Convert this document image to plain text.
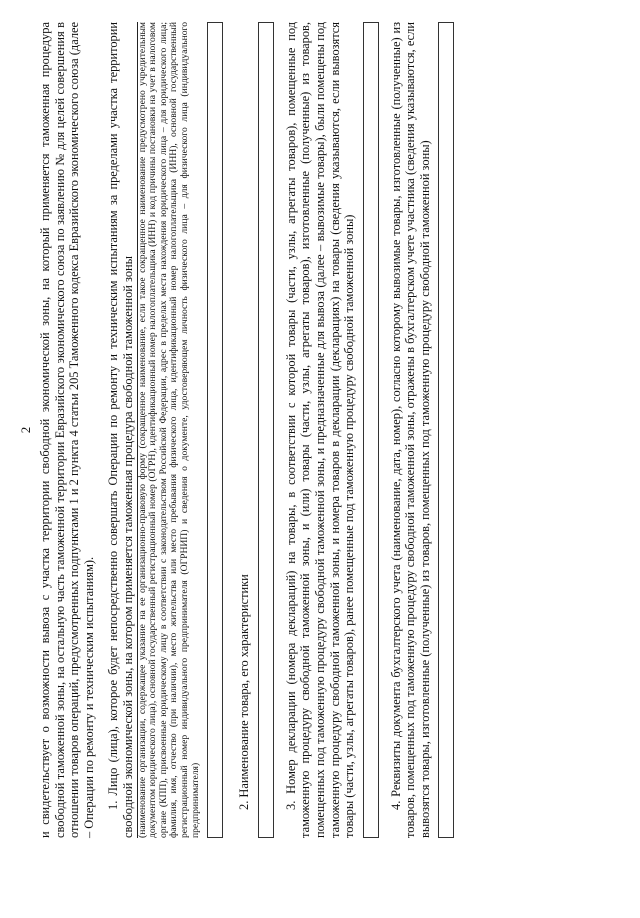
2 и свидетельствует о возможности вывоза с участка территории свободной экономической зоны, на который применяется таможенная процедура свободной таможенной зоны, на остальную часть таможенной территории Евразийского экономического союза по заявлению № для целей совершения в отношении товаров операций, предусмотренных подпунктами 1 и 2 пункта 4 статьи 205 Таможенного кодекса Евразийского экономического союза (далее – Операции по ремонту и техническим испытаниям). 1. Лицо (лица), которое будет непосредственно совершать Операции по ремонту и техническим испытаниям за пределами участка территории свободной экономической зоны, на котором применяется таможенная процедура свободной таможенной зоны (наименование организации, содержащее указание на ее организационно-правовую форму (сокращенное наименование, если такое сокращенное наименование предусмотрено учредительным документом юридического лица), основной государственный регистрационный номер (ОГРН), идентификационный номер налогоплательщика (ИНН) и код причины постановки на учет в налоговом органе (КПП), присвоенные юридическому лицу в соответствии с законодательством Российской Федерации, адрес в пределах места нахождения юридического лица – для юридического лица; фамилия, имя, отчество (при наличии), место жительства или место пребывания физического лица, идентификационный номер налогоплательщика (ИНН), основной государственный регистрационный номер индивидуального предпринимателя (ОГРНИП) и сведения о документе, удостоверяющем личность физического лица – для физического лица (индивидуального предпринимателя)	2. Наименование товара, его характеристики	3. Номер декларации (номера деклараций) на товары, в соответствии с которой товары (части, узлы, агрегаты товаров), помещенные под таможенную процедуру свободной таможенной зоны, и (или) товары (части, узлы, агрегаты товаров), изготовленные (полученные) из товаров, помещенных под таможенную процедуру свободной таможенной зоны, и предназначенные для вывоза (далее – вывозимые товары), были помещены под таможенную процедуру свободной таможенной зоны, и номера товаров в декларации (декларациях) на товары (сведения указываются, если вывозятся товары (части, узлы, агрегаты товаров), ранее помещенные под таможенную процедуру свободной таможенной зоны)	4. Реквизиты документа бухгалтерского учета (наименование, дата, номер), согласно которому вывозимые товары, изготовленные (полученные) из товаров, помещенных под таможенную процедуру свободной таможенной зоны, отражены в бухгалтерском учете участника (сведения указываются, если вывозятся товары, изготовленные (полученные) из товаров, помещенных под таможенную процедуру свободной таможенной зоны)
